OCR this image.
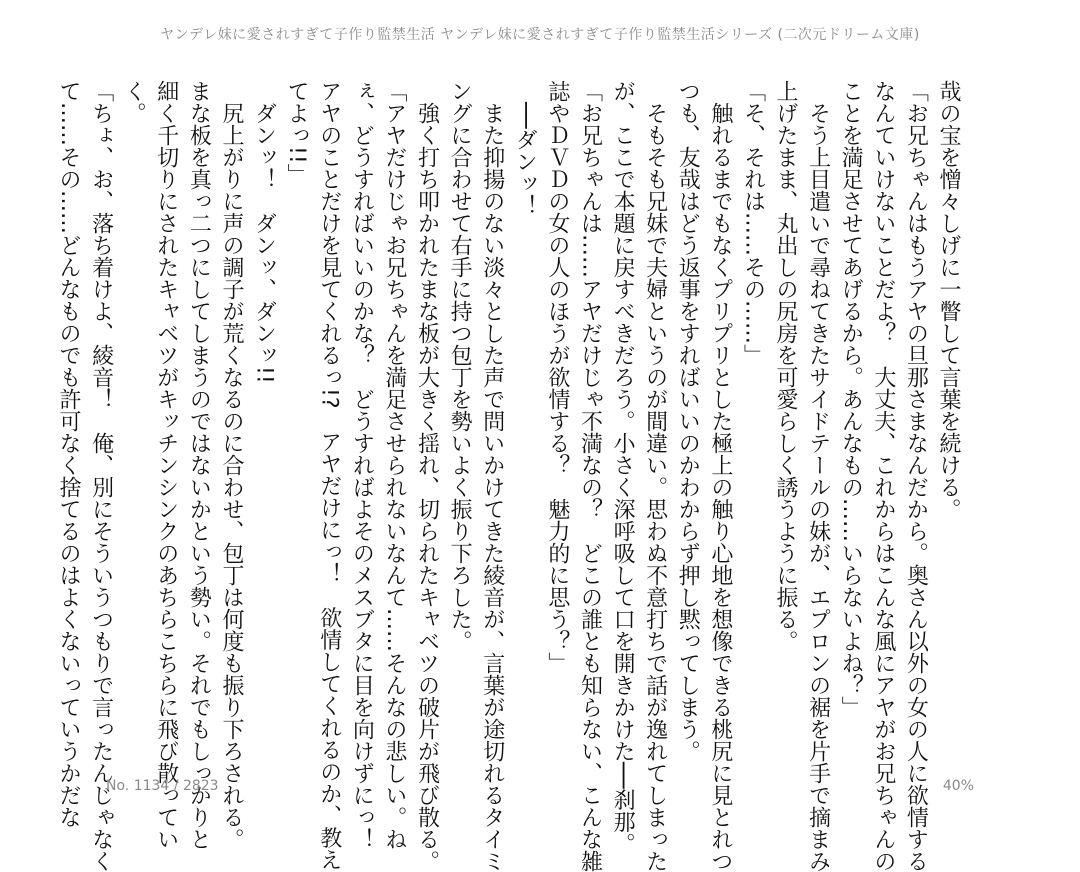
ヤンデレ妹に愛されすぎて子作り監禁生活 ヤンデレ妹に愛されすぎて子作り監禁生活シリーズ (二次元ドリーム文庫)

哉の宝を憎々しげに一瞥して言葉を続ける。

「お兄ちゃんはもうアヤの旦那さまなんだから。奥さん以外の女の人に欲情する

なんていけないことだよ？　大丈夫、これからはこんな風にアヤがお兄ちゃんの

ことを満足させてあげるから。あんなもの……いらないよね？」

　そう上目遣いで尋ねてきたサイドテールの妹が、エプロンの裾を片手で摘まみ

上げたまま、丸出しの尻房を可愛らしく誘うように振る。

「そ、それは……その……」

　触れるまでもなくプリプリとした極上の触り心地を想像できる桃尻に見とれつ

つも、友哉はどう返事をすればいいのかわからず押し黙ってしまう。

　そもそも兄妹で夫婦というのが間違い。思わぬ不意打ちで話が逸れてしまった

が、ここで本題に戻すべきだろう。小さく深呼吸して口を開きかけた──刹那。

「お兄ちゃんは……アヤだけじゃ不満なの？　どこの誰とも知らない、こんな雑

誌やＤＶＤの女の人のほうが欲情する？　魅力的に思う？」

　──ダンッ！

　また抑揚のない淡々とした声で問いかけてきた綾音が、言葉が途切れるタイミ

ングに合わせて右手に持つ包丁を勢いよく振り下ろした。

　強く打ち叩かれたまな板が大きく揺れ、切られたキャベツの破片が飛び散る。

「アヤだけじゃお兄ちゃんを満足させられないなんて……そんなの悲しい。ね

ぇ、どうすればいいのかな？　どうすればよそのメスブタに目を向けずにっ！

アヤのことだけを見てくれるっ!?　アヤだけにっ！　欲情してくれるのか、教え

てよっ!!」

　ダンッ！　ダンッ、ダンッ!!

　尻上がりに声の調子が荒くなるのに合わせ、包丁は何度も振り下ろされる。

まな板を真っ二つにしてしまうのではないかという勢い。それでもしっかりと

細く千切りにされたキャベツがキッチンシンクのあちらこちらに飛び散ってい

く。

「ちょ、お、落ち着けよ、綾音！　俺、別にそういうつもりで言ったんじゃなく

て……その……どんなものでも許可なく捨てるのはよくないっていうかだな No. 1134 / 2823	40%
